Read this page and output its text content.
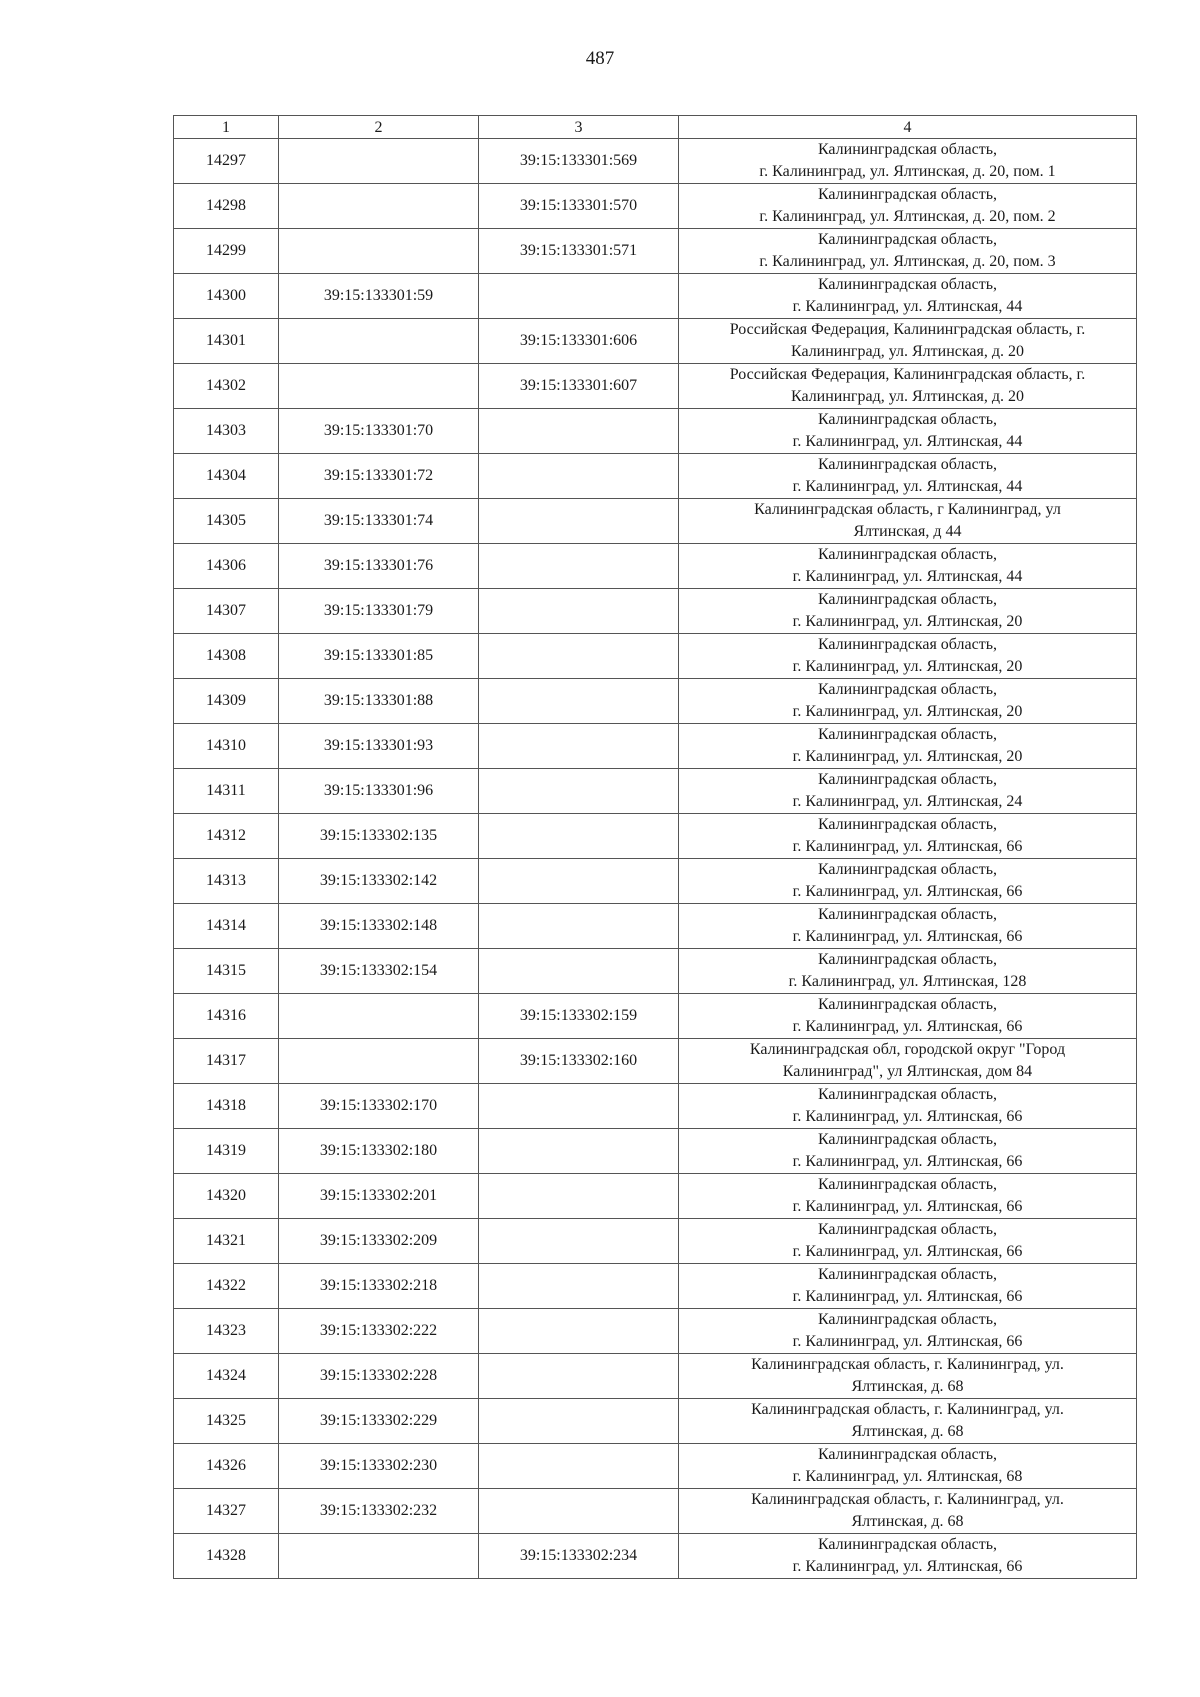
487
1	2	3	4
14297		39:15:133301:569	Калининградская область,
г. Калининград, ул. Ялтинская, д. 20, пом. 1

14298		39:15:133301:570	Калининградская область,
г. Калининград, ул. Ялтинская, д. 20, пом. 2

14299		39:15:133301:571	Калининградская область,
г. Калининград, ул. Ялтинская, д. 20, пом. 3

14300	39:15:133301:59		Калининградская область,
г. Калининград, ул. Ялтинская, 44

14301		39:15:133301:606	Российская Федерация, Калининградская область, г.
Калининград, ул. Ялтинская, д. 20

14302		39:15:133301:607	Российская Федерация, Калининградская область, г.
Калининград, ул. Ялтинская, д. 20

14303	39:15:133301:70		Калининградская область,
г. Калининград, ул. Ялтинская, 44

14304	39:15:133301:72		Калининградская область,
г. Калининград, ул. Ялтинская, 44

14305	39:15:133301:74		Калининградская область, г Калининград, ул
Ялтинская, д 44

14306	39:15:133301:76		Калининградская область,
г. Калининград, ул. Ялтинская, 44

14307	39:15:133301:79		Калининградская область,
г. Калининград, ул. Ялтинская, 20

14308	39:15:133301:85		Калининградская область,
г. Калининград, ул. Ялтинская, 20

14309	39:15:133301:88		Калининградская область,
г. Калининград, ул. Ялтинская, 20

14310	39:15:133301:93		Калининградская область,
г. Калининград, ул. Ялтинская, 20

14311	39:15:133301:96		Калининградская область,
г. Калининград, ул. Ялтинская, 24

14312	39:15:133302:135		Калининградская область,
г. Калининград, ул. Ялтинская, 66

14313	39:15:133302:142		Калининградская область,
г. Калининград, ул. Ялтинская, 66

14314	39:15:133302:148		Калининградская область,
г. Калининград, ул. Ялтинская, 66

14315	39:15:133302:154		Калининградская область,
г. Калининград, ул. Ялтинская, 128

14316		39:15:133302:159	Калининградская область,
г. Калининград, ул. Ялтинская, 66

14317		39:15:133302:160	Калининградская обл, городской округ "Город
Калининград", ул Ялтинская, дом 84

14318	39:15:133302:170		Калининградская область,
г. Калининград, ул. Ялтинская, 66

14319	39:15:133302:180		Калининградская область,
г. Калининград, ул. Ялтинская, 66

14320	39:15:133302:201		Калининградская область,
г. Калининград, ул. Ялтинская, 66

14321	39:15:133302:209		Калининградская область,
г. Калининград, ул. Ялтинская, 66

14322	39:15:133302:218		Калининградская область,
г. Калининград, ул. Ялтинская, 66

14323	39:15:133302:222		Калининградская область,
г. Калининград, ул. Ялтинская, 66

14324	39:15:133302:228		Калининградская область, г. Калининград, ул.
Ялтинская, д. 68

14325	39:15:133302:229		Калининградская область, г. Калининград, ул.
Ялтинская, д. 68

14326	39:15:133302:230		Калининградская область,
г. Калининград, ул. Ялтинская, 68

14327	39:15:133302:232		Калининградская область, г. Калининград, ул.
Ялтинская, д. 68

14328		39:15:133302:234	Калининградская область,
г. Калининград, ул. Ялтинская, 66
